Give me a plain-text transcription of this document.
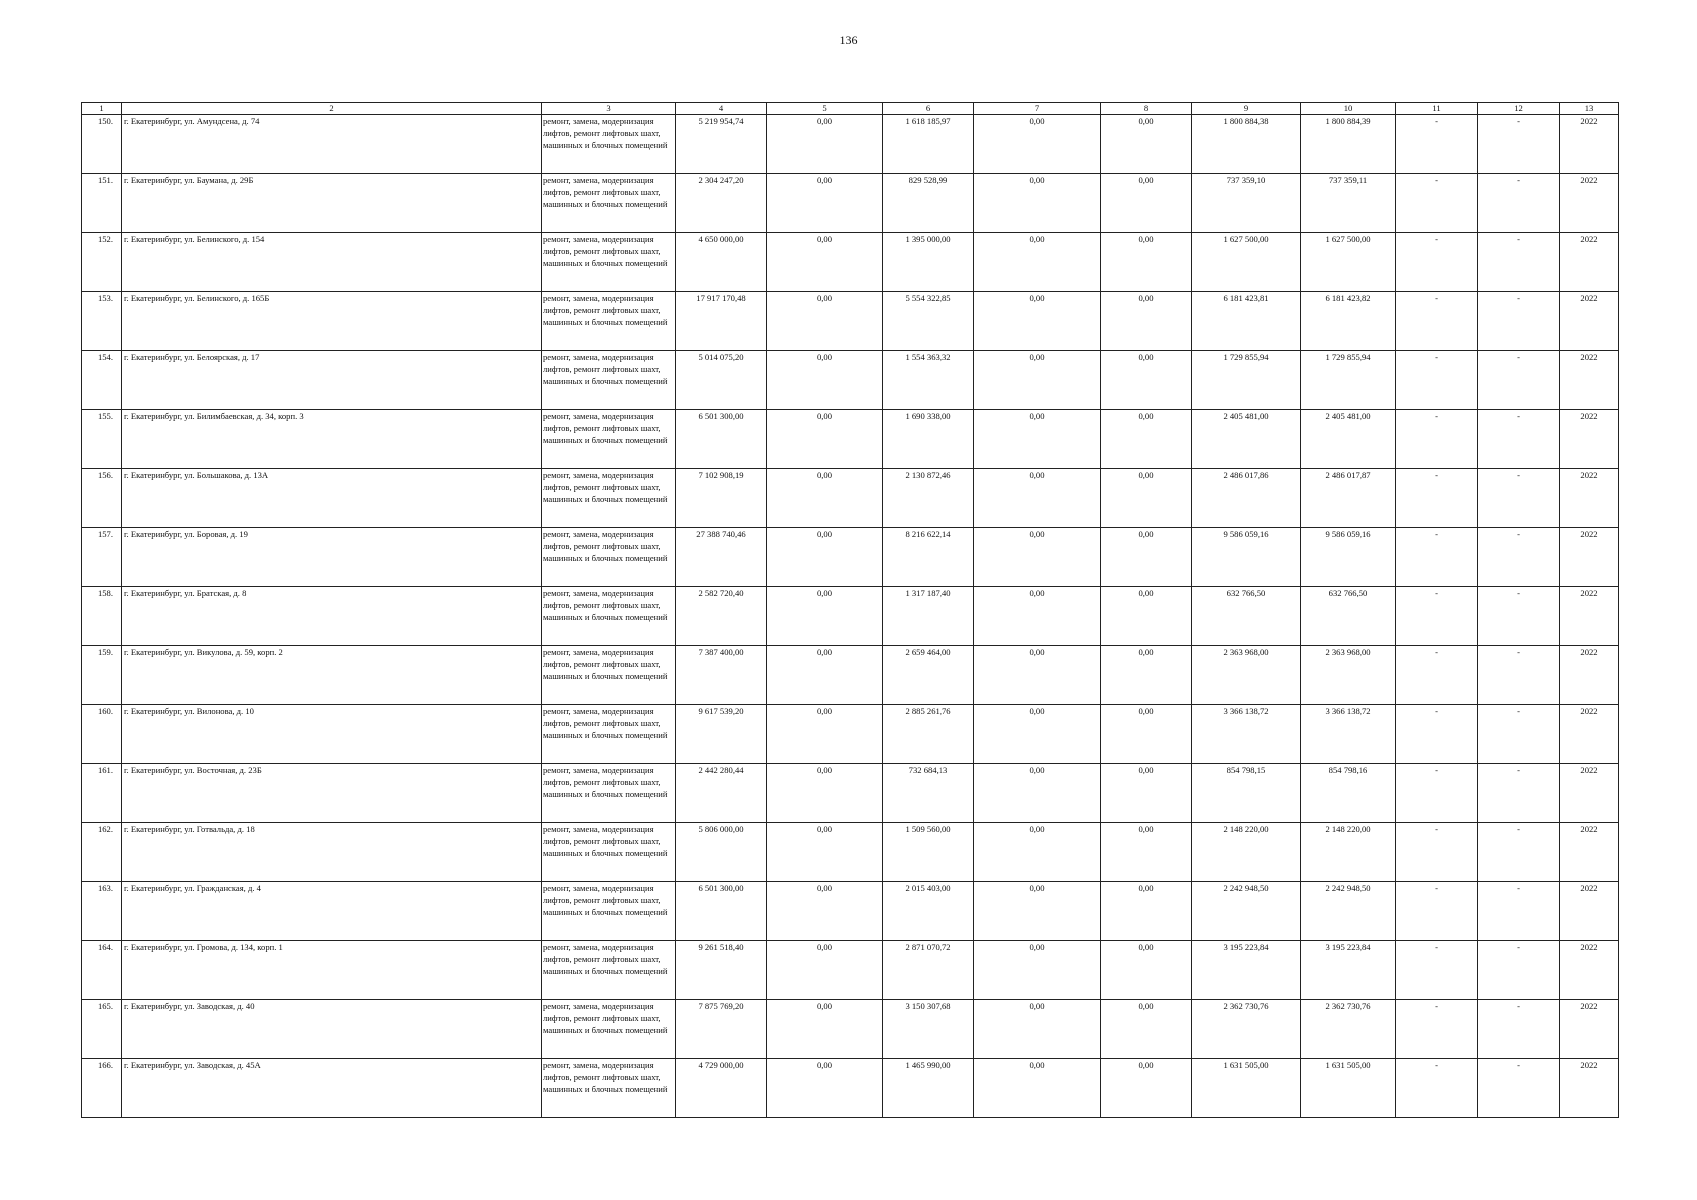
136
1	2	3	4	5	6	7	8	9	10	11	12	13
150.	г. Екатеринбург, ул. Амундсена, д. 74	ремонт, замена, модернизация лифтов, ремонт лифтовых шахт, машинных и блочных помещений	5 219 954,74	0,00	1 618 185,97	0,00	0,00	1 800 884,38	1 800 884,39	-	-	2022
151.	г. Екатеринбург, ул. Баумана, д. 29Б	ремонт, замена, модернизация лифтов, ремонт лифтовых шахт, машинных и блочных помещений	2 304 247,20	0,00	829 528,99	0,00	0,00	737 359,10	737 359,11	-	-	2022
152.	г. Екатеринбург, ул. Белинского, д. 154	ремонт, замена, модернизация лифтов, ремонт лифтовых шахт, машинных и блочных помещений	4 650 000,00	0,00	1 395 000,00	0,00	0,00	1 627 500,00	1 627 500,00	-	-	2022
153.	г. Екатеринбург, ул. Белинского, д. 165Б	ремонт, замена, модернизация лифтов, ремонт лифтовых шахт, машинных и блочных помещений	17 917 170,48	0,00	5 554 322,85	0,00	0,00	6 181 423,81	6 181 423,82	-	-	2022
154.	г. Екатеринбург, ул. Белоярская, д. 17	ремонт, замена, модернизация лифтов, ремонт лифтовых шахт, машинных и блочных помещений	5 014 075,20	0,00	1 554 363,32	0,00	0,00	1 729 855,94	1 729 855,94	-	-	2022
155.	г. Екатеринбург, ул. Билимбаевская, д. 34, корп. 3	ремонт, замена, модернизация лифтов, ремонт лифтовых шахт, машинных и блочных помещений	6 501 300,00	0,00	1 690 338,00	0,00	0,00	2 405 481,00	2 405 481,00	-	-	2022
156.	г. Екатеринбург, ул. Большакова, д. 13А	ремонт, замена, модернизация лифтов, ремонт лифтовых шахт, машинных и блочных помещений	7 102 908,19	0,00	2 130 872,46	0,00	0,00	2 486 017,86	2 486 017,87	-	-	2022
157.	г. Екатеринбург, ул. Боровая, д. 19	ремонт, замена, модернизация лифтов, ремонт лифтовых шахт, машинных и блочных помещений	27 388 740,46	0,00	8 216 622,14	0,00	0,00	9 586 059,16	9 586 059,16	-	-	2022
158.	г. Екатеринбург, ул. Братская, д. 8	ремонт, замена, модернизация лифтов, ремонт лифтовых шахт, машинных и блочных помещений	2 582 720,40	0,00	1 317 187,40	0,00	0,00	632 766,50	632 766,50	-	-	2022
159.	г. Екатеринбург, ул. Викулова, д. 59, корп. 2	ремонт, замена, модернизация лифтов, ремонт лифтовых шахт, машинных и блочных помещений	7 387 400,00	0,00	2 659 464,00	0,00	0,00	2 363 968,00	2 363 968,00	-	-	2022
160.	г. Екатеринбург, ул. Вилонова, д. 10	ремонт, замена, модернизация лифтов, ремонт лифтовых шахт, машинных и блочных помещений	9 617 539,20	0,00	2 885 261,76	0,00	0,00	3 366 138,72	3 366 138,72	-	-	2022
161.	г. Екатеринбург, ул. Восточная, д. 23Б	ремонт, замена, модернизация лифтов, ремонт лифтовых шахт, машинных и блочных помещений	2 442 280,44	0,00	732 684,13	0,00	0,00	854 798,15	854 798,16	-	-	2022
162.	г. Екатеринбург, ул. Готвальда, д. 18	ремонт, замена, модернизация лифтов, ремонт лифтовых шахт, машинных и блочных помещений	5 806 000,00	0,00	1 509 560,00	0,00	0,00	2 148 220,00	2 148 220,00	-	-	2022
163.	г. Екатеринбург, ул. Гражданская, д. 4	ремонт, замена, модернизация лифтов, ремонт лифтовых шахт, машинных и блочных помещений	6 501 300,00	0,00	2 015 403,00	0,00	0,00	2 242 948,50	2 242 948,50	-	-	2022
164.	г. Екатеринбург, ул. Громова, д. 134, корп. 1	ремонт, замена, модернизация лифтов, ремонт лифтовых шахт, машинных и блочных помещений	9 261 518,40	0,00	2 871 070,72	0,00	0,00	3 195 223,84	3 195 223,84	-	-	2022
165.	г. Екатеринбург, ул. Заводская, д. 40	ремонт, замена, модернизация лифтов, ремонт лифтовых шахт, машинных и блочных помещений	7 875 769,20	0,00	3 150 307,68	0,00	0,00	2 362 730,76	2 362 730,76	-	-	2022
166.	г. Екатеринбург, ул. Заводская, д. 45А	ремонт, замена, модернизация лифтов, ремонт лифтовых шахт, машинных и блочных помещений	4 729 000,00	0,00	1 465 990,00	0,00	0,00	1 631 505,00	1 631 505,00	-	-	2022
